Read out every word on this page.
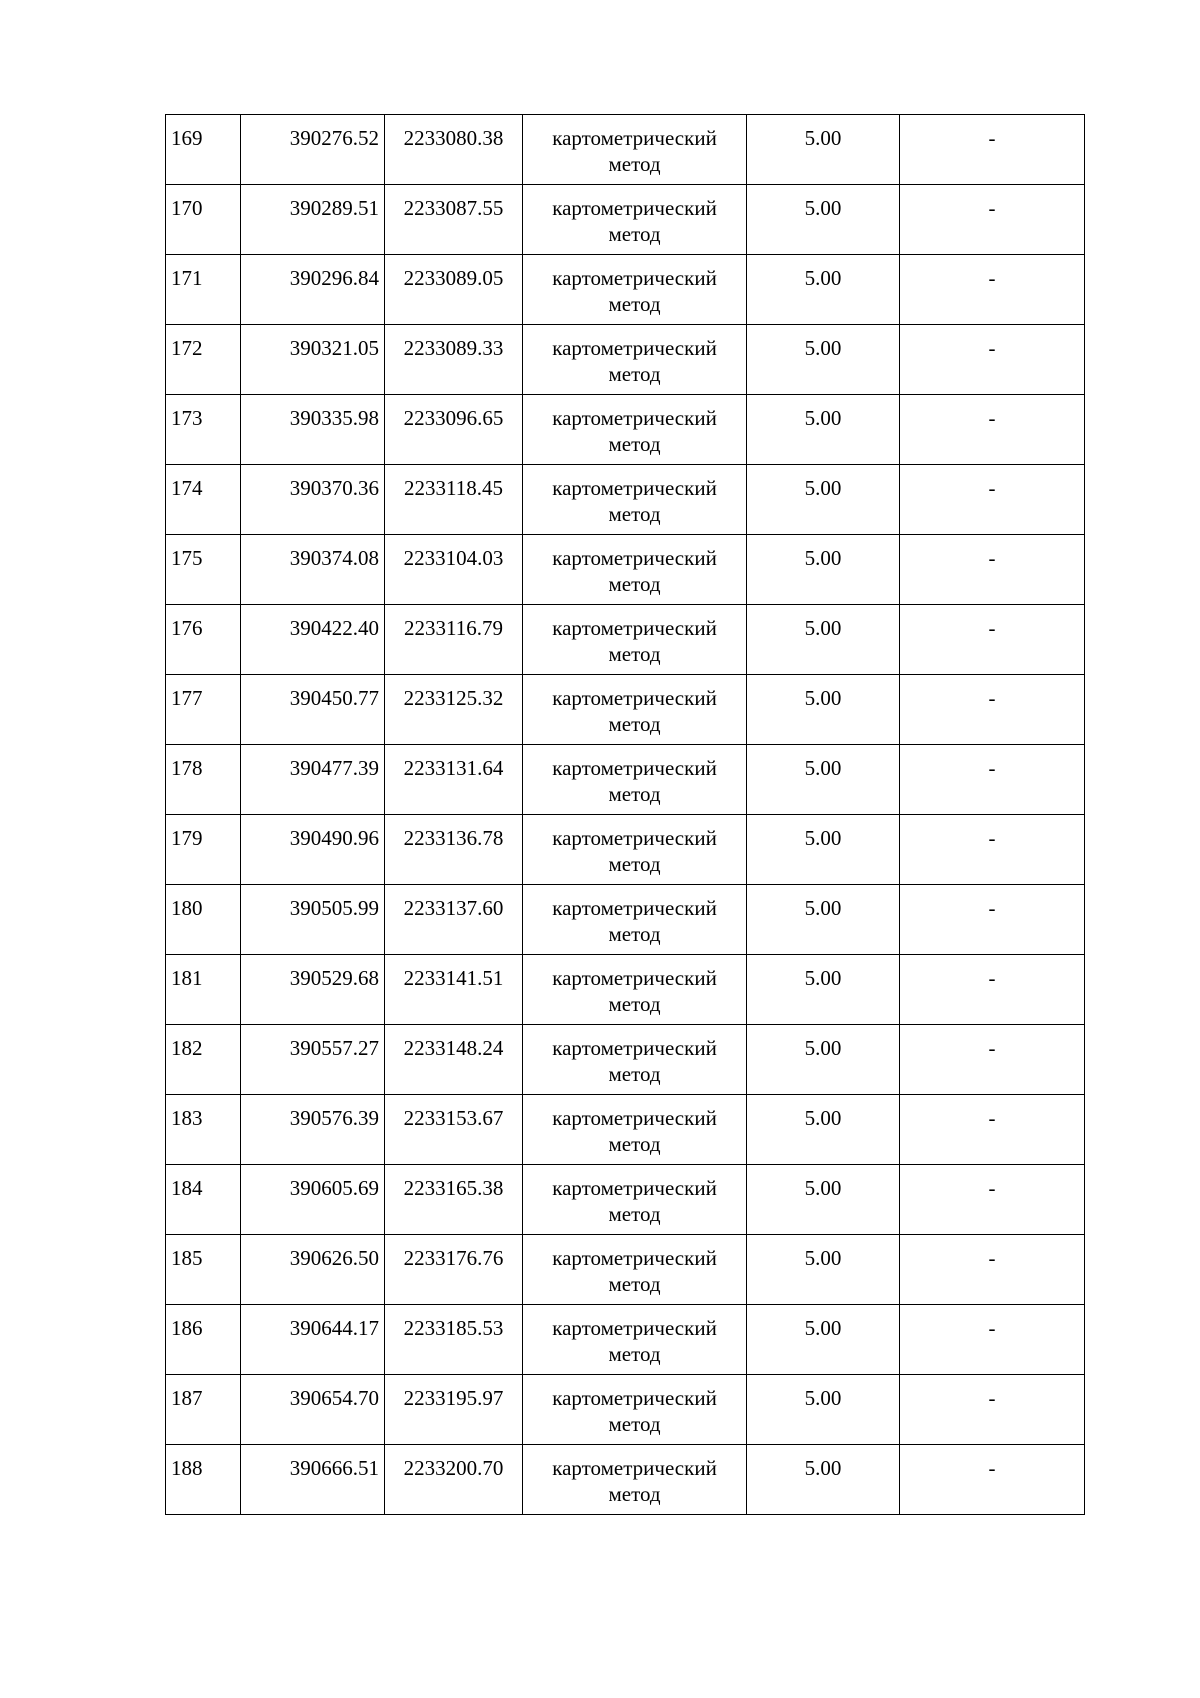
169	390276.52	2233080.38	картометрический метод	5.00	-
170	390289.51	2233087.55	картометрический метод	5.00	-
171	390296.84	2233089.05	картометрический метод	5.00	-
172	390321.05	2233089.33	картометрический метод	5.00	-
173	390335.98	2233096.65	картометрический метод	5.00	-
174	390370.36	2233118.45	картометрический метод	5.00	-
175	390374.08	2233104.03	картометрический метод	5.00	-
176	390422.40	2233116.79	картометрический метод	5.00	-
177	390450.77	2233125.32	картометрический метод	5.00	-
178	390477.39	2233131.64	картометрический метод	5.00	-
179	390490.96	2233136.78	картометрический метод	5.00	-
180	390505.99	2233137.60	картометрический метод	5.00	-
181	390529.68	2233141.51	картометрический метод	5.00	-
182	390557.27	2233148.24	картометрический метод	5.00	-
183	390576.39	2233153.67	картометрический метод	5.00	-
184	390605.69	2233165.38	картометрический метод	5.00	-
185	390626.50	2233176.76	картометрический метод	5.00	-
186	390644.17	2233185.53	картометрический метод	5.00	-
187	390654.70	2233195.97	картометрический метод	5.00	-
188	390666.51	2233200.70	картометрический метод	5.00	-
